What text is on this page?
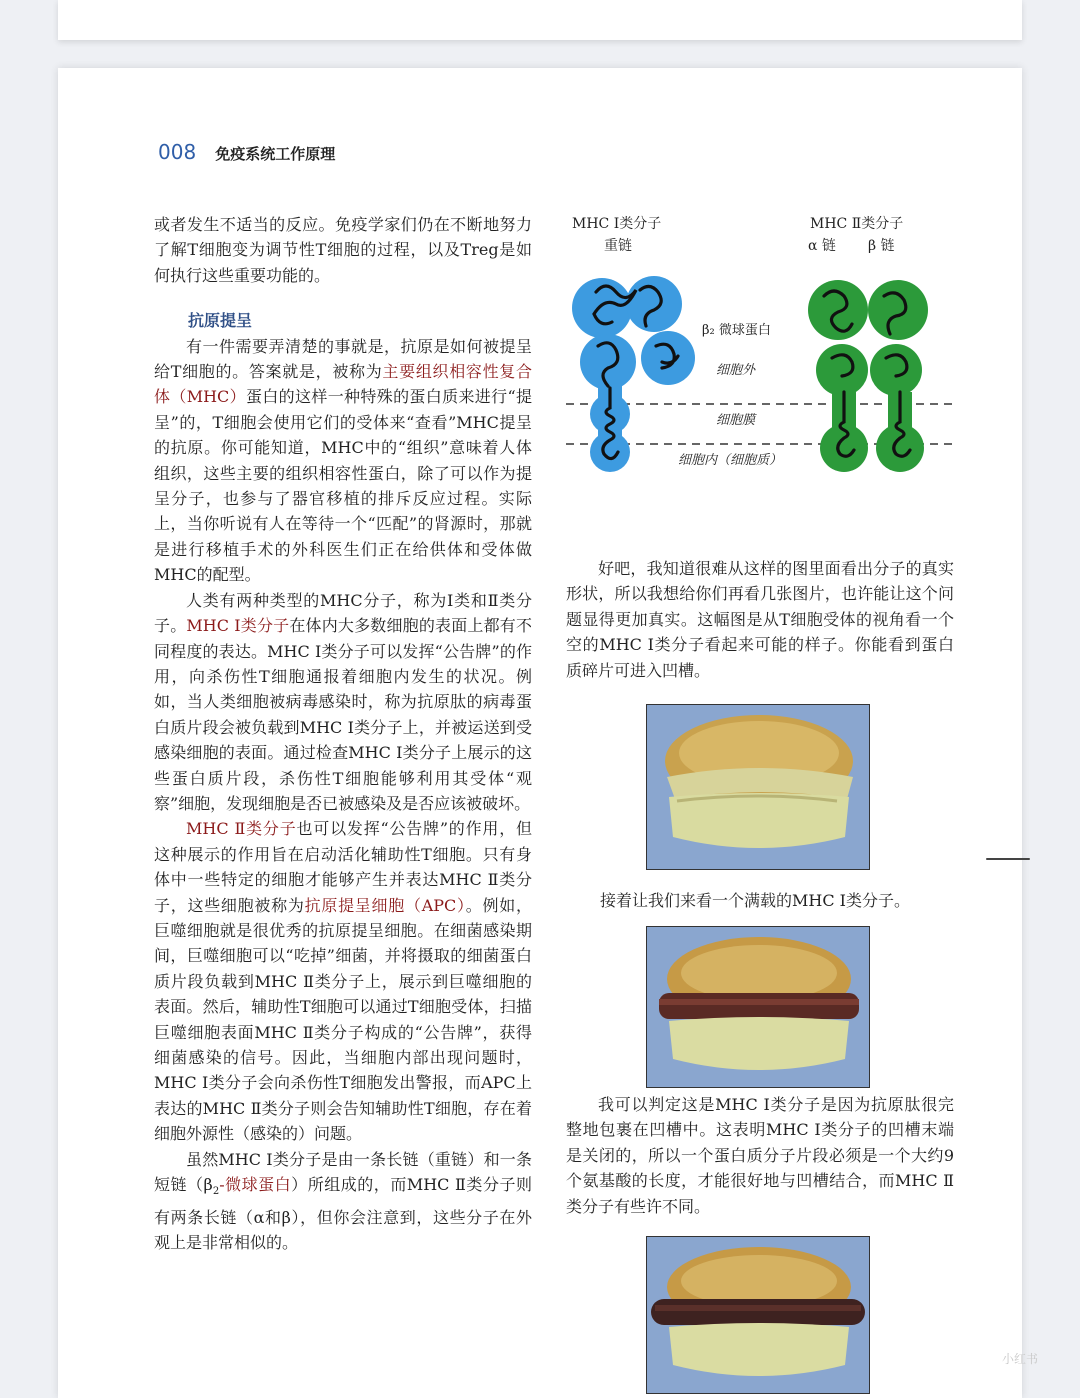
008 免疫系统工作原理

或者发生不适当的反应。免疫学家们仍在不断地努力了解T细胞变为调节性T细胞的过程，以及Treg是如何执行这些重要功能的。

抗原提呈

有一件需要弄清楚的事就是，抗原是如何被提呈给T细胞的。答案就是，被称为主要组织相容性复合体（MHC）蛋白的这样一种特殊的蛋白质来进行“提呈”的，T细胞会使用它们的受体来“查看”MHC提呈的抗原。你可能知道，MHC中的“组织”意味着人体组织，这些主要的组织相容性蛋白，除了可以作为提呈分子，也参与了器官移植的排斥反应过程。实际上，当你听说有人在等待一个“匹配”的肾源时，那就是进行移植手术的外科医生们正在给供体和受体做MHC的配型。

人类有两种类型的MHC分子，称为Ⅰ类和Ⅱ类分子。MHC Ⅰ类分子在体内大多数细胞的表面上都有不同程度的表达。MHC Ⅰ类分子可以发挥“公告牌”的作用，向杀伤性T细胞通报着细胞内发生的状况。例如，当人类细胞被病毒感染时，称为抗原肽的病毒蛋白质片段会被负载到MHC Ⅰ类分子上，并被运送到受感染细胞的表面。通过检查MHC Ⅰ类分子上展示的这些蛋白质片段，杀伤性T细胞能够利用其受体“观察”细胞，发现细胞是否已被感染及是否应该被破坏。

MHC Ⅱ类分子也可以发挥“公告牌”的作用，但这种展示的作用旨在启动活化辅助性T细胞。只有身体中一些特定的细胞才能够产生并表达MHC Ⅱ类分子，这些细胞被称为抗原提呈细胞（APC）。例如，巨噬细胞就是很优秀的抗原提呈细胞。在细菌感染期间，巨噬细胞可以“吃掉”细菌，并将摄取的细菌蛋白质片段负载到MHC Ⅱ类分子上，展示到巨噬细胞的表面。然后，辅助性T细胞可以通过T细胞受体，扫描巨噬细胞表面MHC Ⅱ类分子构成的“公告牌”，获得细菌感染的信号。因此，当细胞内部出现问题时，MHC Ⅰ类分子会向杀伤性T细胞发出警报，而APC上表达的MHC Ⅱ类分子则会告知辅助性T细胞，存在着细胞外源性（感染的）问题。

虽然MHC Ⅰ类分子是由一条长链（重链）和一条短链（$\beta_2-$微球蛋白）所组成的，而MHC Ⅱ类分子则有两条长链（α和β），但你会注意到，这些分子在外观上是非常相似的。

MHC Ⅰ类分子
重链
MHC Ⅱ类分子
α 链 β 链
β₂ 微球蛋白
细胞外
细胞膜
细胞内（细胞质）

好吧，我知道很难从这样的图里面看出分子的真实形状，所以我想给你们再看几张图片，也许能让这个问题显得更加真实。这幅图是从T细胞受体的视角看一个空的MHC Ⅰ类分子看起来可能的样子。你能看到蛋白质碎片可进入凹槽。

接着让我们来看一个满载的MHC Ⅰ类分子。

我可以判定这是MHC Ⅰ类分子是因为抗原肽很完整地包裹在凹槽中。这表明MHC Ⅰ类分子的凹槽末端是关闭的，所以一个蛋白质分子片段必须是一个大约9个氨基酸的长度，才能很好地与凹槽结合，而MHC Ⅱ类分子有些许不同。

小红书
